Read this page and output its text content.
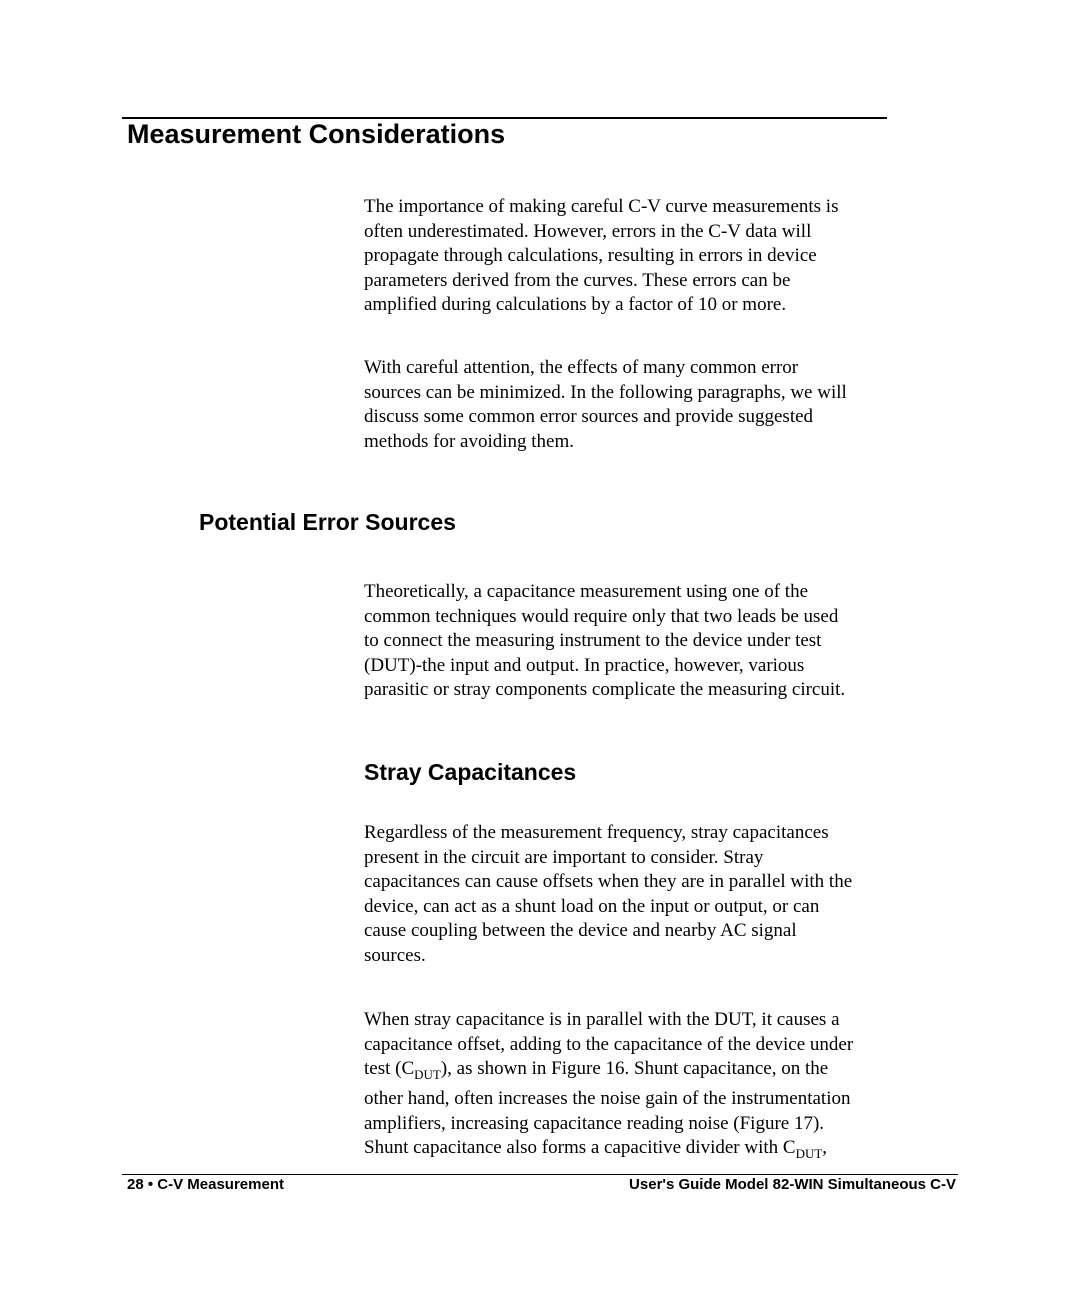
Measurement Considerations
The importance of making careful C-V curve measurements is
often underestimated. However, errors in the C-V data will
propagate through calculations, resulting in errors in device
parameters derived from the curves. These errors can be
amplified during calculations by a factor of 10 or more.
With careful attention, the effects of many common error
sources can be minimized. In the following paragraphs, we will
discuss some common error sources and provide suggested
methods for avoiding them.
Potential Error Sources
Theoretically, a capacitance measurement using one of the
common techniques would require only that two leads be used
to connect the measuring instrument to the device under test
(DUT)-the input and output. In practice, however, various
parasitic or stray components complicate the measuring circuit.
Stray Capacitances
Regardless of the measurement frequency, stray capacitances
present in the circuit are important to consider. Stray
capacitances can cause offsets when they are in parallel with the
device, can act as a shunt load on the input or output, or can
cause coupling between the device and nearby AC signal
sources.
When stray capacitance is in parallel with the DUT, it causes a
capacitance offset, adding to the capacitance of the device under
test $(C_{DUT})$, as shown in Figure 16. Shunt capacitance, on the
other hand, often increases the noise gain of the instrumentation
amplifiers, increasing capacitance reading noise (Figure 17).
Shunt capacitance also forms a capacitive divider with $C_{DUT}$,
28 • C-V Measurement	User's Guide Model 82-WIN Simultaneous C-V
